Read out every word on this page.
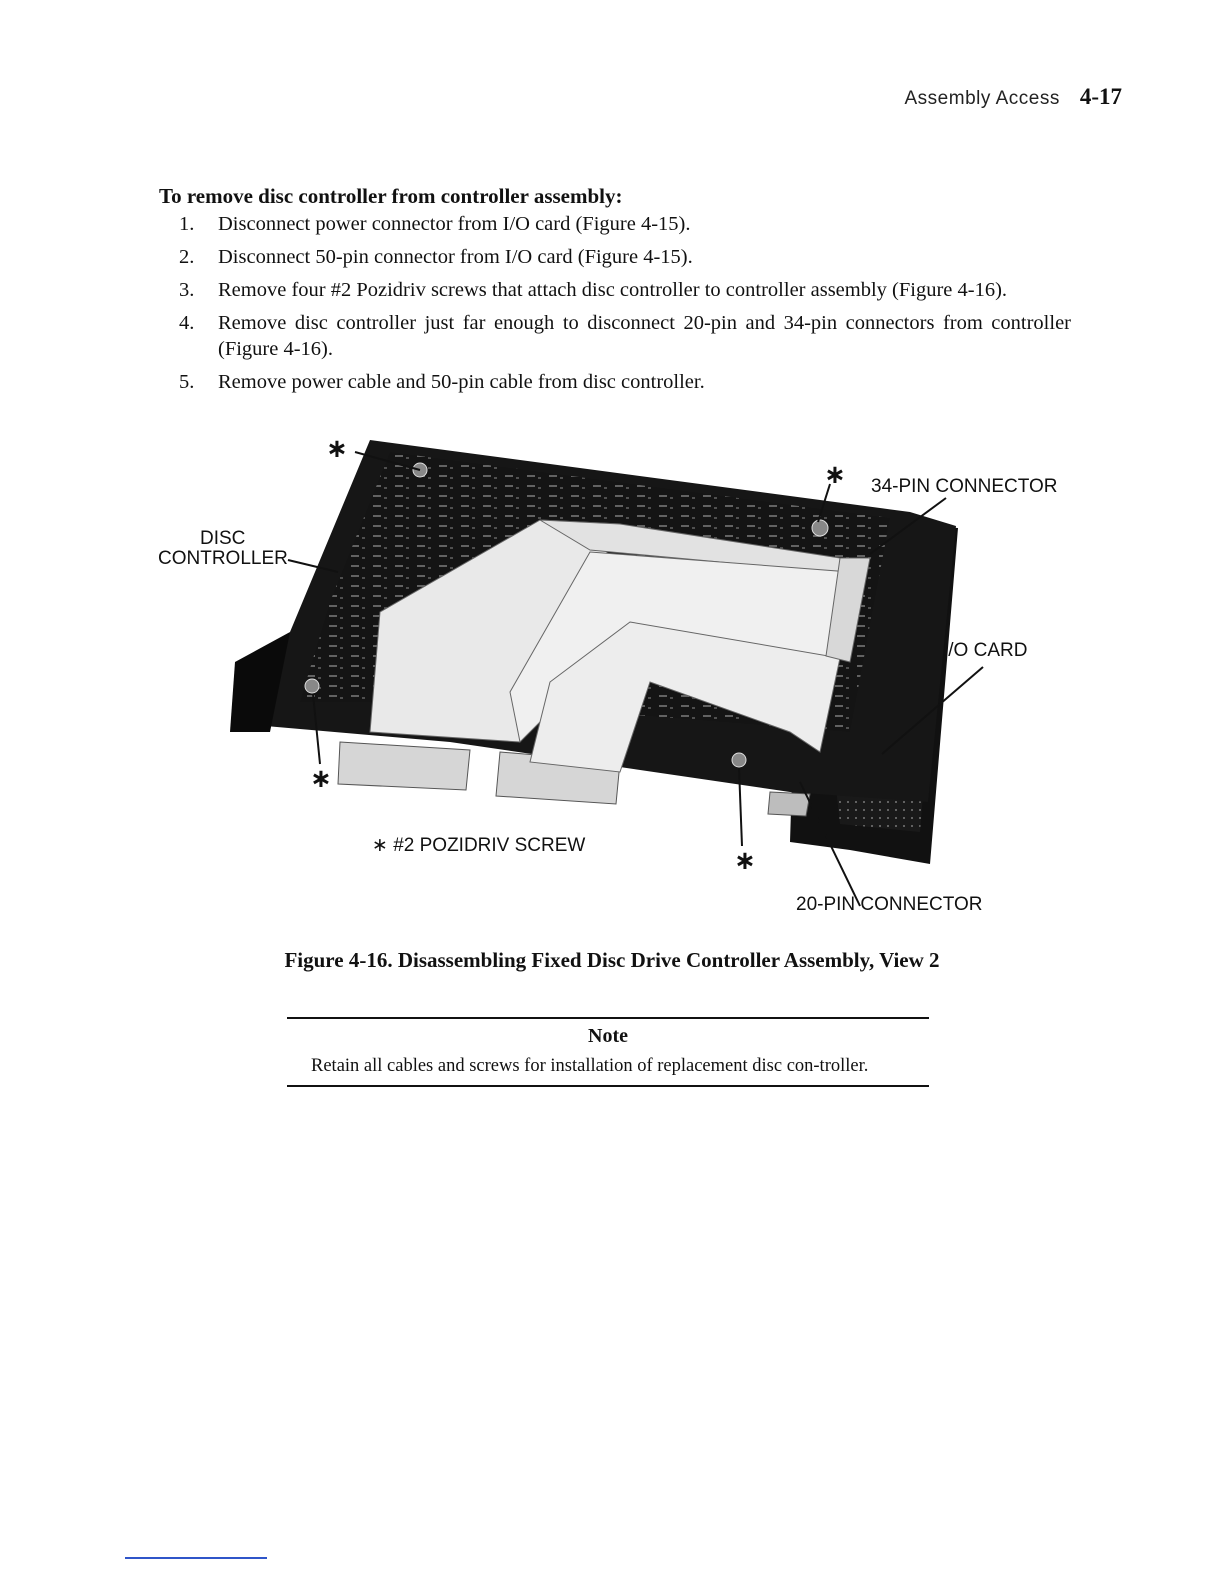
Assembly Access 4-17
To remove disc controller from controller assembly:
1. Disconnect power connector from I/O card (Figure 4-15).
2. Disconnect 50-pin connector from I/O card (Figure 4-15).
3. Remove four #2 Pozidriv screws that attach disc controller to controller assembly (Figure 4-16).
4. Remove disc controller just far enough to disconnect 20-pin and 34-pin connectors from controller (Figure 4-16).
5. Remove power cable and 50-pin cable from disc controller.
∗
∗
∗
∗
DISC
CONTROLLER
34-PIN CONNECTOR
I/O CARD
∗ #2 POZIDRIV SCREW
20-PIN CONNECTOR
Figure 4-16. Disassembling Fixed Disc Drive Controller Assembly, View 2
Note
Retain all cables and screws for installation of replacement disc con-troller.
